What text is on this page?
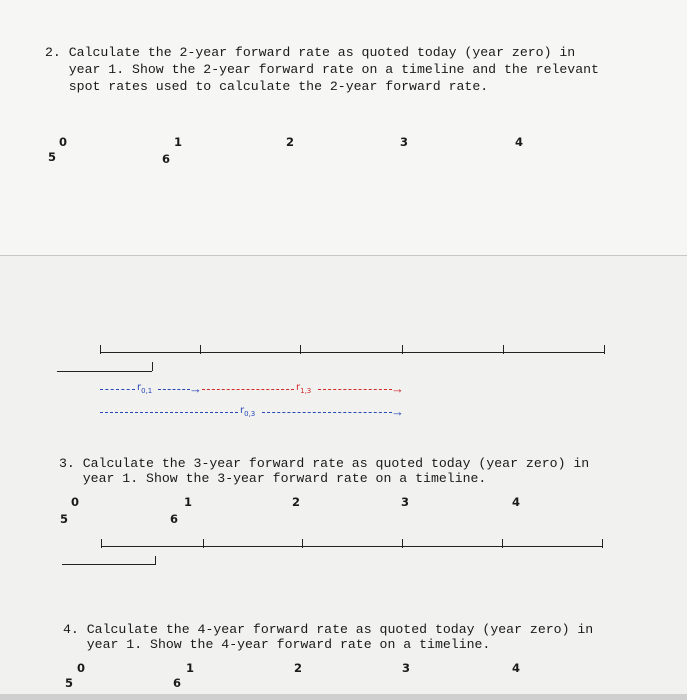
2. Calculate the 2-year forward rate as quoted today (year zero) in
year 1. Show the 2-year forward rate on a timeline and the relevant
spot rates used to calculate the 2-year forward rate.
0	1	2	3	4
5	6
$r_{0,1}$	→	$r_{1,3}$	→
$r_{0,3}$	→
3. Calculate the 3-year forward rate as quoted today (year zero) in
year 1. Show the 3-year forward rate on a timeline.
0	1	2	3	4
5	6
4. Calculate the 4-year forward rate as quoted today (year zero) in
year 1. Show the 4-year forward rate on a timeline.
0	1	2	3	4
5	6
